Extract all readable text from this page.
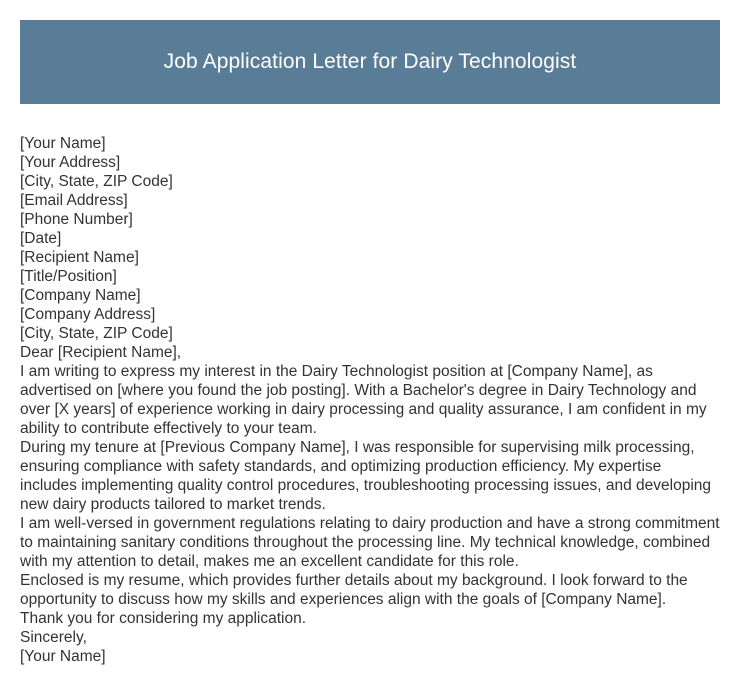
Job Application Letter for Dairy Technologist
[Your Name]
[Your Address]
[City, State, ZIP Code]
[Email Address]
[Phone Number]
[Date]
[Recipient Name]
[Title/Position]
[Company Name]
[Company Address]
[City, State, ZIP Code]
Dear [Recipient Name],
I am writing to express my interest in the Dairy Technologist position at [Company Name], as advertised on [where you found the job posting]. With a Bachelor's degree in Dairy Technology and over [X years] of experience working in dairy processing and quality assurance, I am confident in my ability to contribute effectively to your team.
During my tenure at [Previous Company Name], I was responsible for supervising milk processing, ensuring compliance with safety standards, and optimizing production efficiency. My expertise includes implementing quality control procedures, troubleshooting processing issues, and developing new dairy products tailored to market trends.
I am well-versed in government regulations relating to dairy production and have a strong commitment to maintaining sanitary conditions throughout the processing line. My technical knowledge, combined with my attention to detail, makes me an excellent candidate for this role.
Enclosed is my resume, which provides further details about my background. I look forward to the opportunity to discuss how my skills and experiences align with the goals of [Company Name].
Thank you for considering my application.
Sincerely,
[Your Name]
